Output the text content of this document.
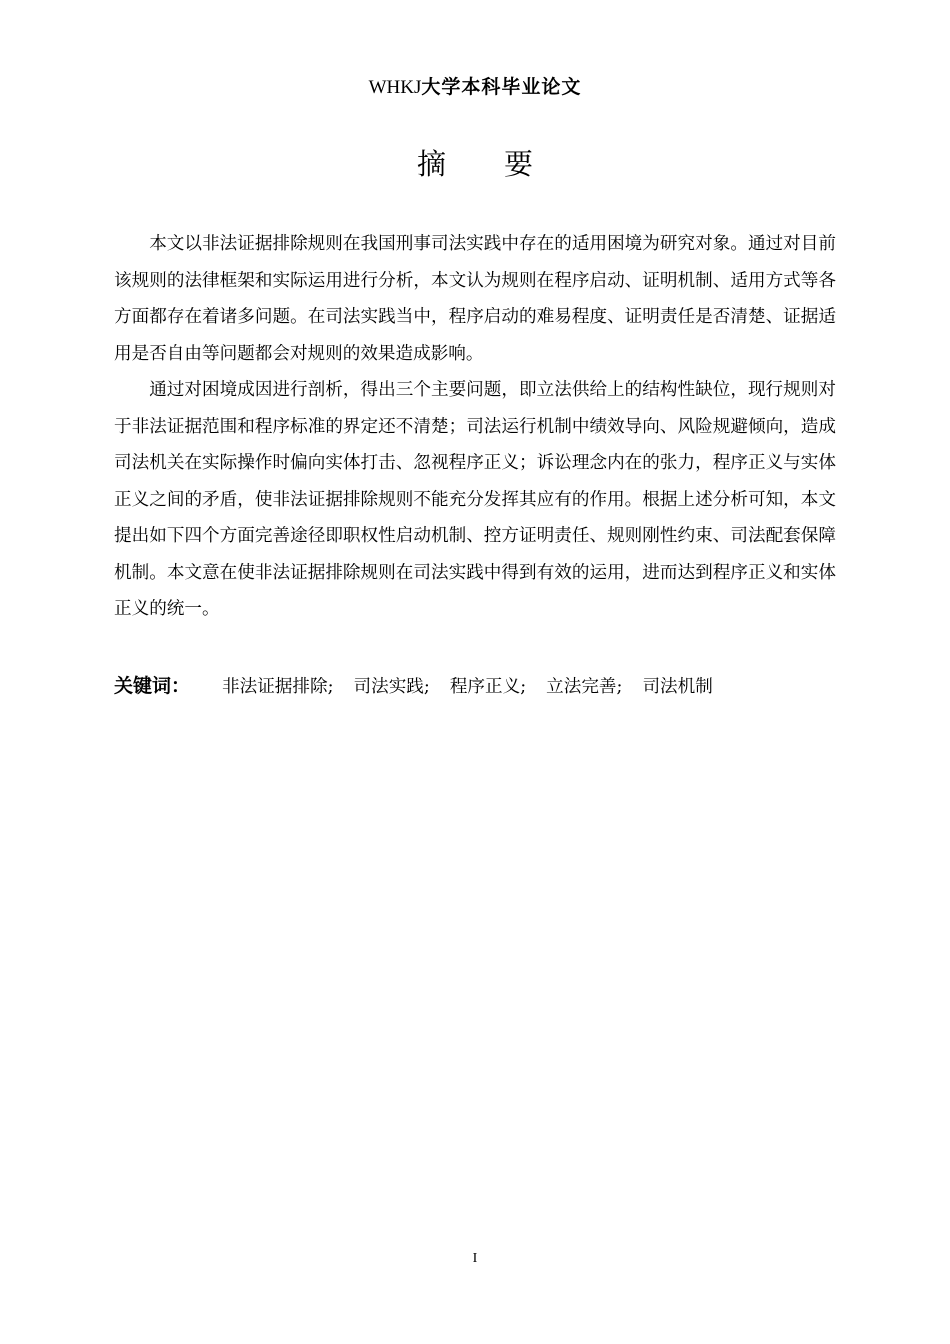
WHKJ大学本科毕业论文
摘 要

本文以非法证据排除规则在我国刑事司法实践中存在的适用困境为研究对象。通过对目前该规则的法律框架和实际运用进行分析，本文认为规则在程序启动、证明机制、适用方式等各方面都存在着诸多问题。在司法实践当中，程序启动的难易程度、证明责任是否清楚、证据适用是否自由等问题都会对规则的效果造成影响。

通过对困境成因进行剖析，得出三个主要问题，即立法供给上的结构性缺位，现行规则对于非法证据范围和程序标准的界定还不清楚；司法运行机制中绩效导向、风险规避倾向，造成司法机关在实际操作时偏向实体打击、忽视程序正义；诉讼理念内在的张力，程序正义与实体正义之间的矛盾，使非法证据排除规则不能充分发挥其应有的作用。根据上述分析可知，本文提出如下四个方面完善途径即职权性启动机制、控方证明责任、规则刚性约束、司法配套保障机制。本文意在使非法证据排除规则在司法实践中得到有效的运用，进而达到程序正义和实体正义的统一。

关键词： 非法证据排除; 司法实践; 程序正义; 立法完善; 司法机制
I
